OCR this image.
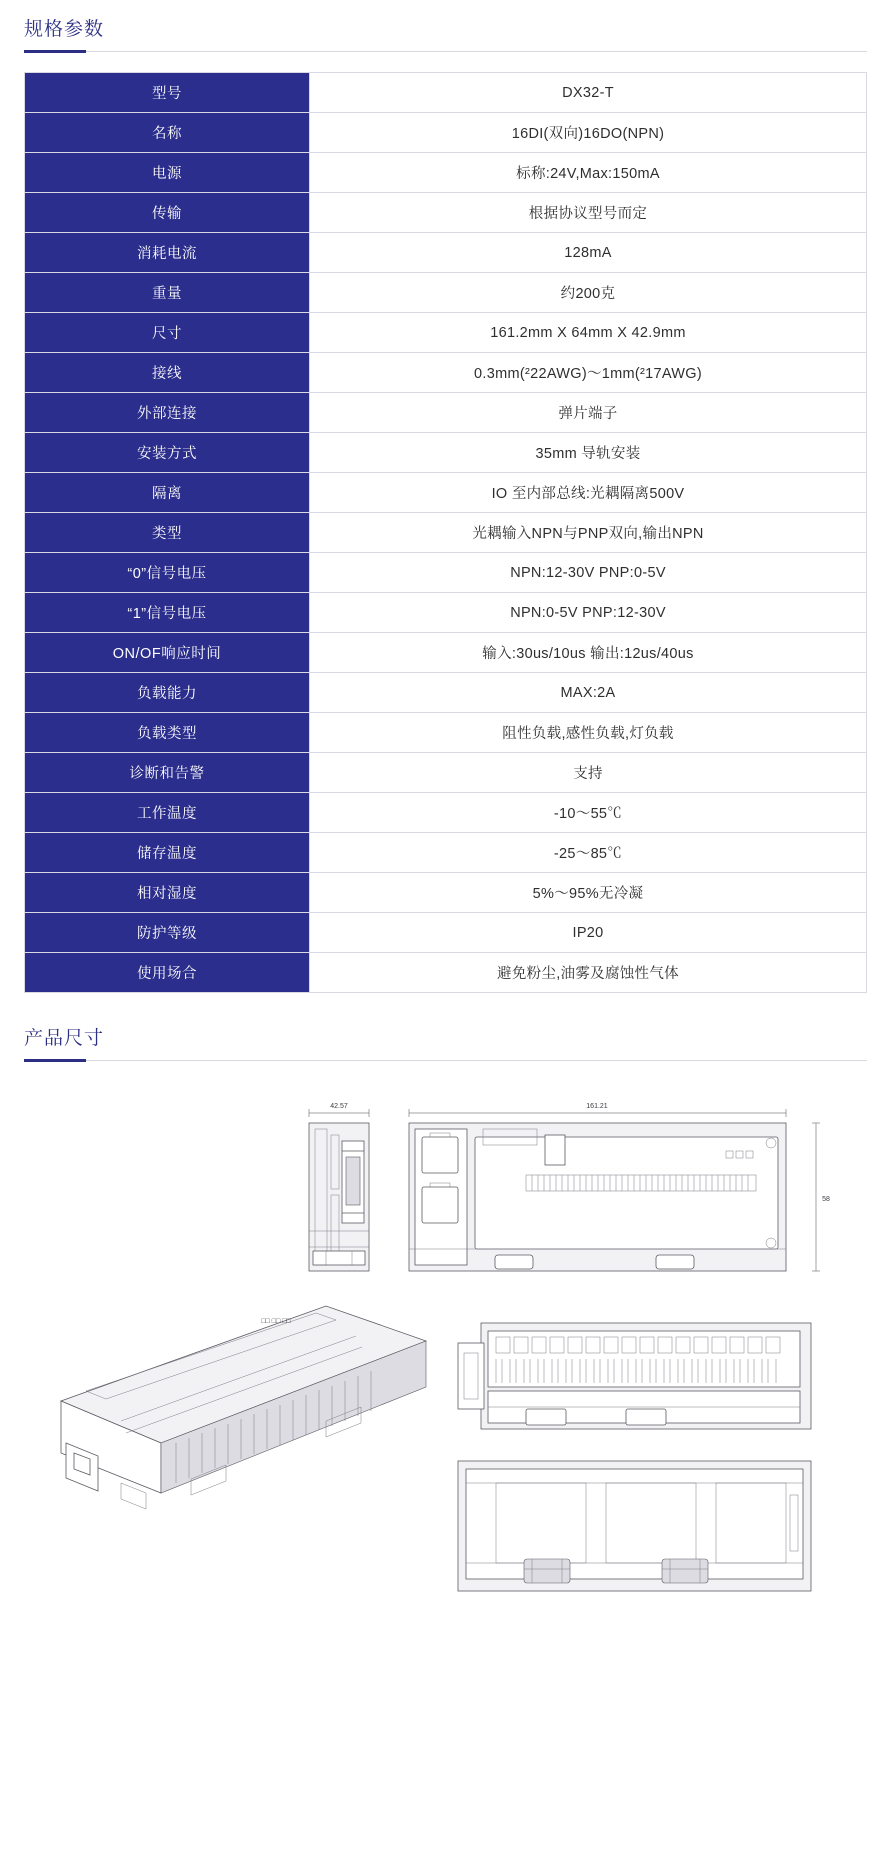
规格参数
型号	DX32-T
名称	16DI(双向)16DO(NPN)
电源	标称:24V,Max:150mA
传输	根据协议型号而定
消耗电流	128mA
重量	约200克
尺寸	161.2mm X 64mm X 42.9mm
接线	0.3mm(²22AWG)～1mm(²17AWG)
外部连接	弹片端子
安装方式	35mm 导轨安装
隔离	IO 至内部总线:光耦隔离500V
类型	光耦输入NPN与PNP双向,输出NPN
“0”信号电压	NPN:12-30V PNP:0-5V
“1”信号电压	NPN:0-5V PNP:12-30V
ON/OF响应时间	输入:30us/10us 输出:12us/40us
负载能力	MAX:2A
负载类型	阻性负载,感性负载,灯负载
诊断和告警	支持
工作温度	-10～55℃
储存温度	-25～85℃
相对湿度	5%～95%无冷凝
防护等级	IP20
使用场合	避免粉尘,油雾及腐蚀性气体
产品尺寸
42.57	161.21
58
□□ □□ □□
